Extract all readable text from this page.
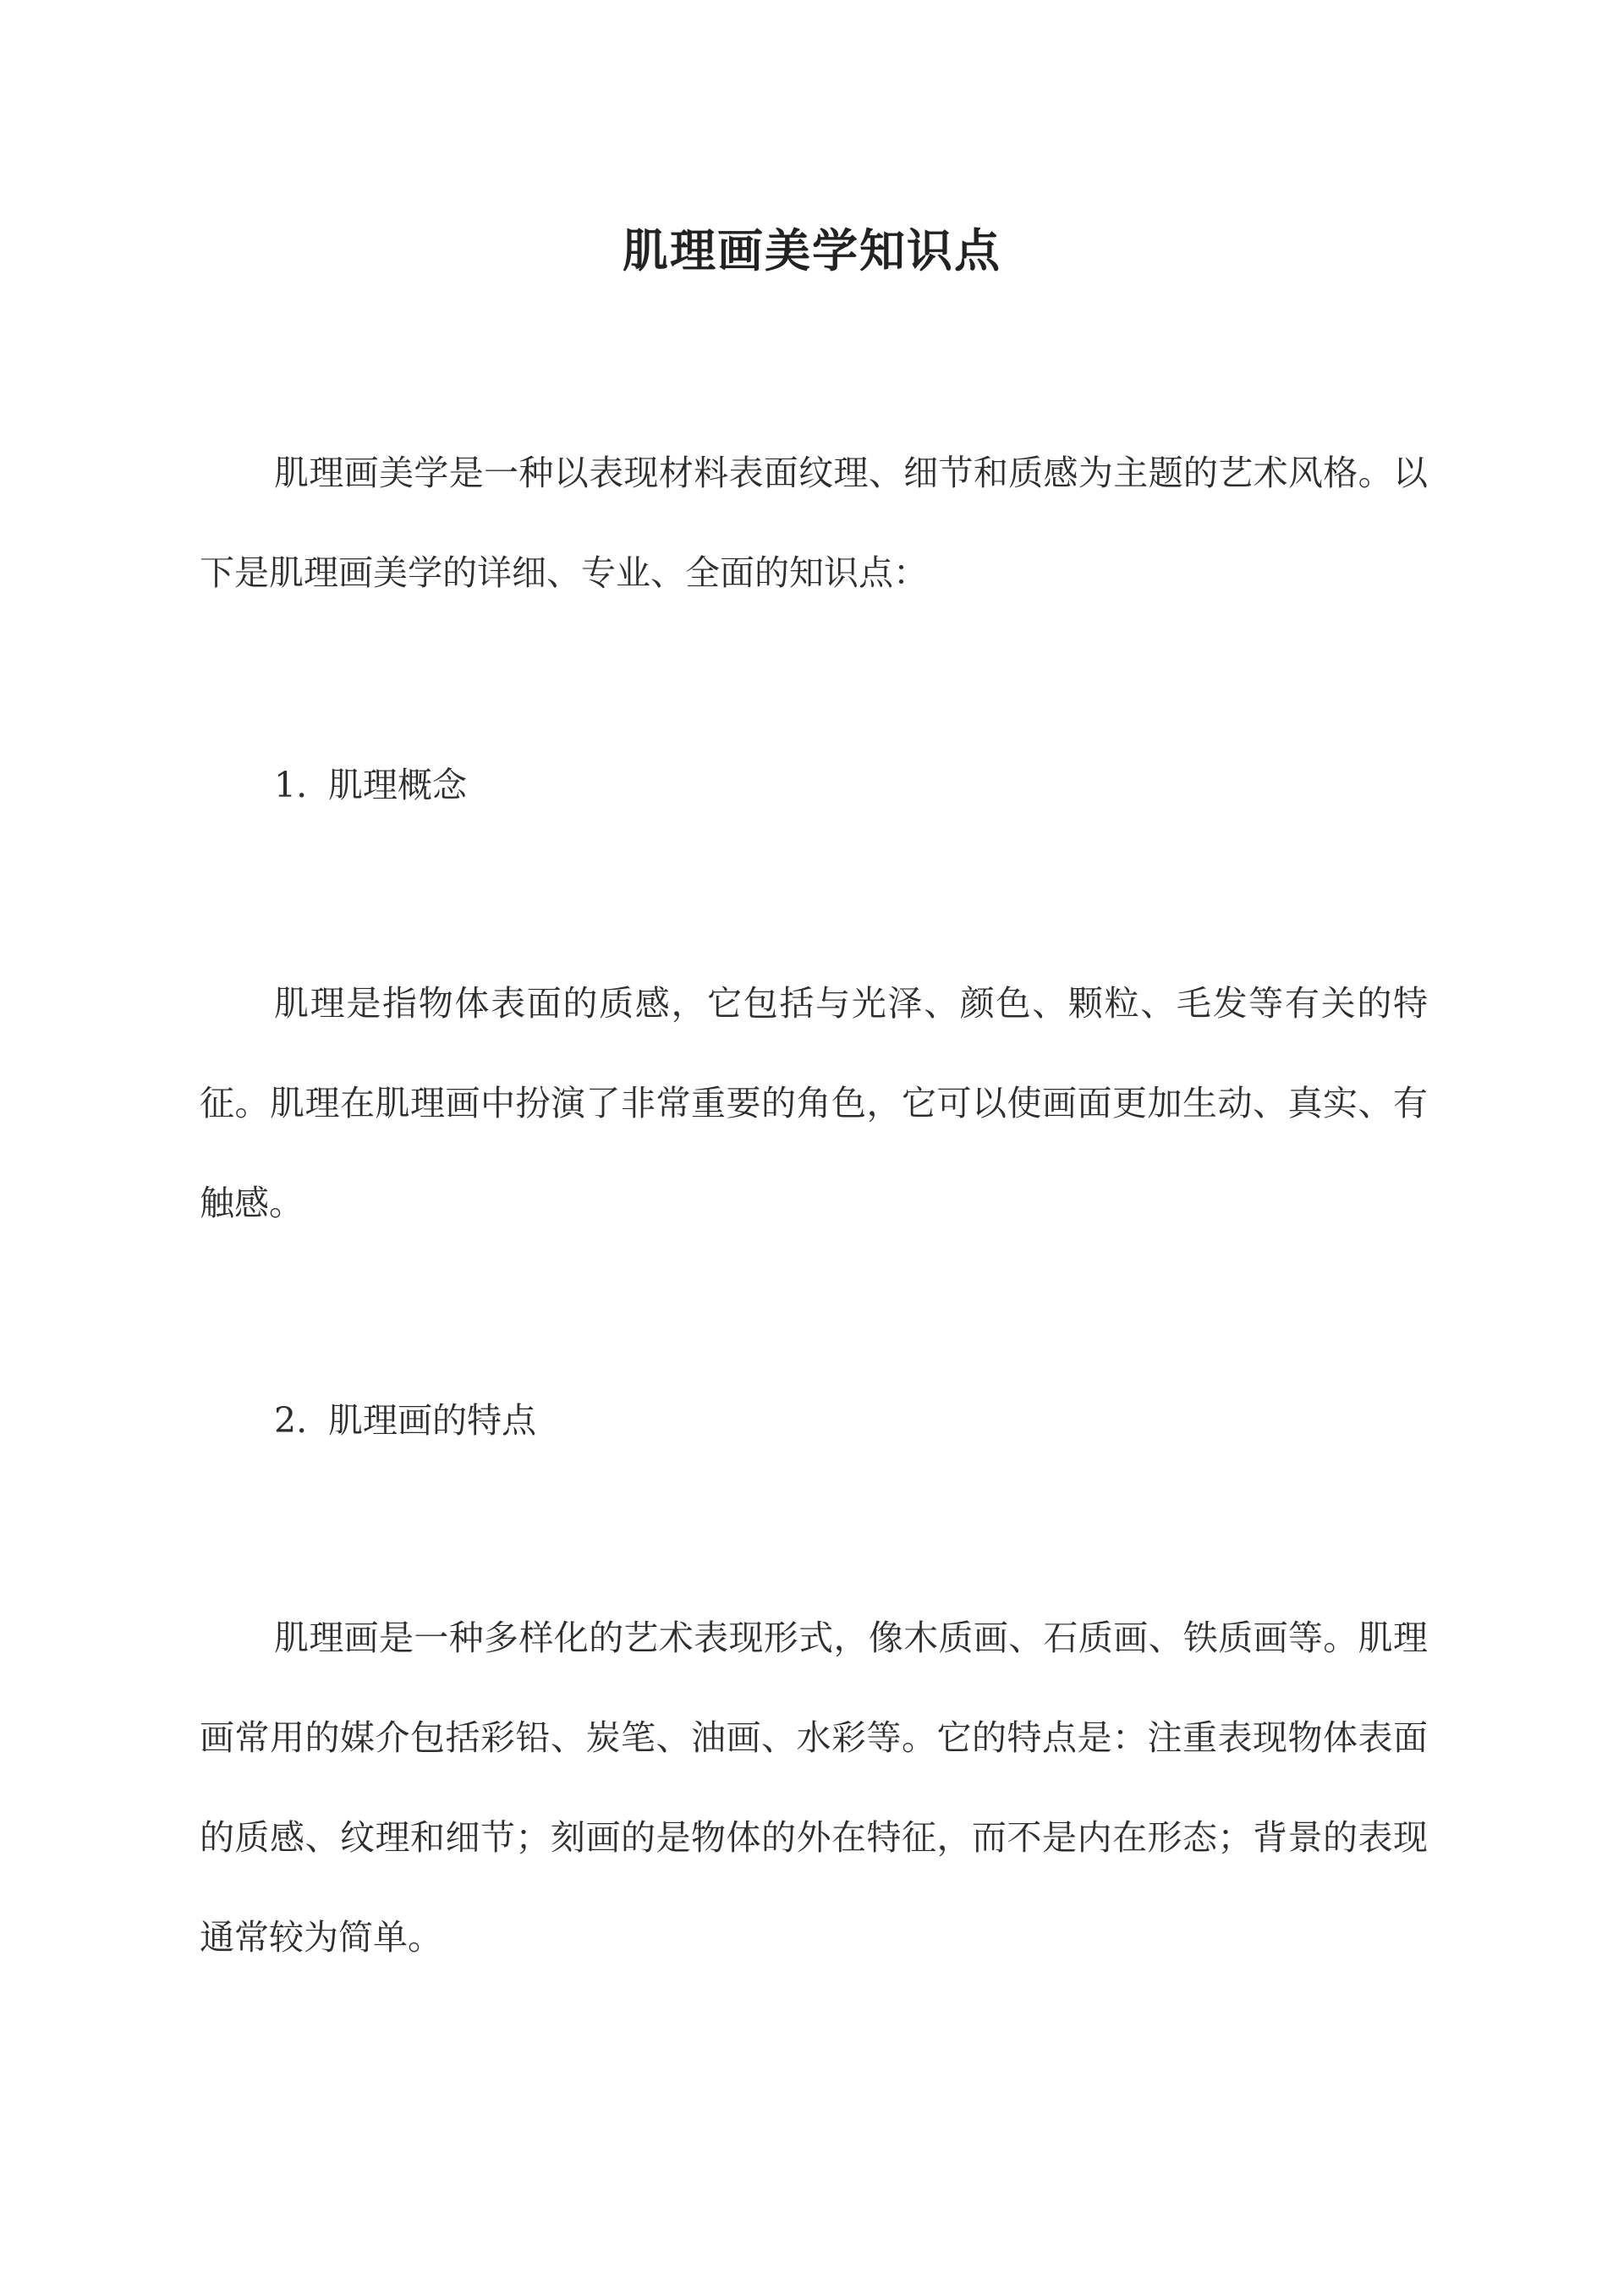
肌理画美学知识点

肌理画美学是一种以表现材料表面纹理、细节和质感为主题的艺术风格。以下是肌理画美学的详细、专业、全面的知识点：

1. 肌理概念

肌理是指物体表面的质感，它包括与光泽、颜色、颗粒、毛发等有关的特征。肌理在肌理画中扮演了非常重要的角色，它可以使画面更加生动、真实、有触感。

2. 肌理画的特点

肌理画是一种多样化的艺术表现形式，像木质画、石质画、铁质画等。肌理画常用的媒介包括彩铅、炭笔、油画、水彩等。它的特点是：注重表现物体表面的质感、纹理和细节；刻画的是物体的外在特征，而不是内在形态；背景的表现通常较为简单。
